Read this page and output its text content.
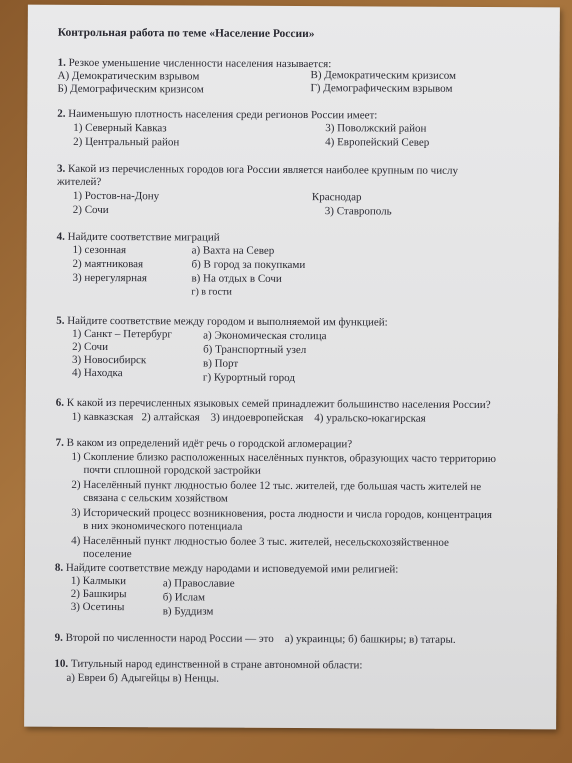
Контрольная работа по теме «Население России»
1. Резкое уменьшение численности населения называется:
А) Демократическим взрывом
Б) Демографическим кризисом
В) Демократическим кризисом
Г) Демографическим взрывом
2. Наименьшую плотность населения среди регионов России имеет:
1) Северный Кавказ
2) Центральный район
3) Поволжский район
4) Европейский Север
3. Какой из перечисленных городов юга России является наиболее крупным по числу
жителей?
1) Ростов-на-Дону
2) Сочи
Краснодар
3) Ставрополь
4. Найдите соответствие миграций
1) сезонная
2) маятниковая
3) нерегулярная
а) Вахта на Север
б) В город за покупками
в) На отдых в Сочи
г) в гости
5. Найдите соответствие между городом и выполняемой им функцией:
1) Санкт – Петербург
2) Сочи
3) Новосибирск
4) Находка
а) Экономическая столица
б) Транспортный узел
в) Порт
г) Курортный город
6. К какой из перечисленных языковых семей принадлежит большинство населения России?
1) кавказская 2) алтайская 3) индоевропейская 4) уральско-юкагирская
7. В каком из определений идёт речь о городской агломерации?
1) Скопление близко расположенных населённых пунктов, образующих часто территорию
почти сплошной городской застройки
2) Населённый пункт людностью более 12 тыс. жителей, где большая часть жителей не
связана с сельским хозяйством
3) Исторический процесс возникновения, роста людности и числа городов, концентрация
в них экономического потенциала
4) Населённый пункт людностью более 3 тыс. жителей, несельскохозяйственное
поселение
8. Найдите соответствие между народами и исповедуемой ими религией:
1) Калмыки
2) Башкиры
3) Осетины
а) Православие
б) Ислам
в) Буддизм
9. Второй по численности народ России — это а) украинцы; б) башкиры; в) татары.
10. Титульный народ единственной в стране автономной области:
а) Евреи б) Адыгейцы в) Ненцы.
